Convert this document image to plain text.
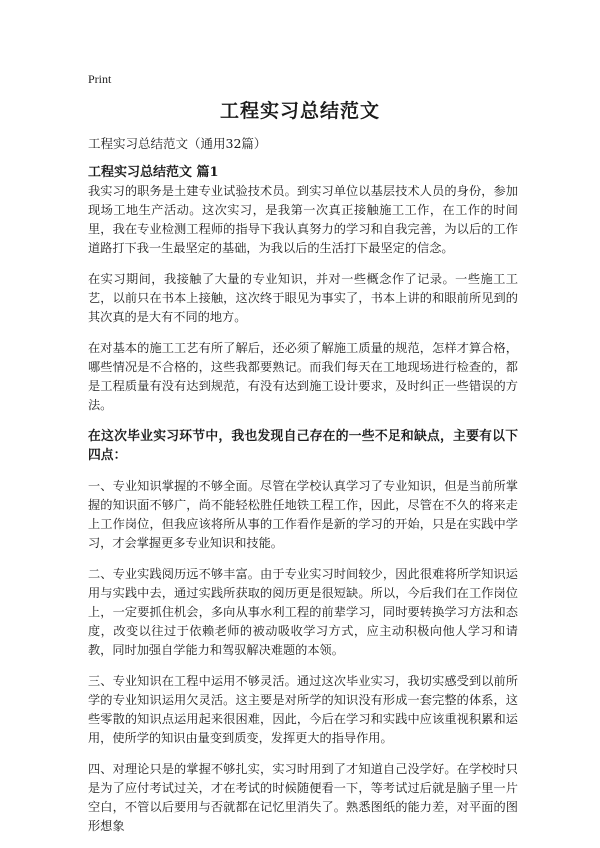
Print
工程实习总结范文
工程实习总结范文（通用32篇）
工程实习总结范文 篇1

我实习的职务是土建专业试验技术员。到实习单位以基层技术人员的身份，参加现场工地生产活动。这次实习，是我第一次真正接触施工工作，在工作的时间里，我在专业检测工程师的指导下我认真努力的学习和自我完善，为以后的工作道路打下我一生最坚定的基础，为我以后的生活打下最坚定的信念。

在实习期间，我接触了大量的专业知识，并对一些概念作了记录。一些施工工艺，以前只在书本上接触，这次终于眼见为事实了，书本上讲的和眼前所见到的其次真的是大有不同的地方。

在对基本的施工工艺有所了解后，还必须了解施工质量的规范，怎样才算合格，哪些情况是不合格的，这些我都要熟记。而我们每天在工地现场进行检查的，都是工程质量有没有达到规范，有没有达到施工设计要求，及时纠正一些错误的方法。

在这次毕业实习环节中，我也发现自己存在的一些不足和缺点，主要有以下四点：

一、专业知识掌握的不够全面。尽管在学校认真学习了专业知识，但是当前所掌握的知识面不够广，尚不能轻松胜任地铁工程工作，因此，尽管在不久的将来走上工作岗位，但我应该将所从事的工作看作是新的学习的开始，只是在实践中学习，才会掌握更多专业知识和技能。

二、专业实践阅历远不够丰富。由于专业实习时间较少，因此很难将所学知识运用与实践中去，通过实践所获取的阅历更是很短缺。所以，今后我们在工作岗位上，一定要抓住机会，多向从事水利工程的前辈学习，同时要转换学习方法和态度，改变以往过于依赖老师的被动吸收学习方式，应主动积极向他人学习和请教，同时加强自学能力和驾驭解决难题的本领。

三、专业知识在工程中运用不够灵活。通过这次毕业实习，我切实感受到以前所学的专业知识运用欠灵活。这主要是对所学的知识没有形成一套完整的体系，这些零散的知识点运用起来很困难，因此，今后在学习和实践中应该重视积累和运用，使所学的知识由量变到质变，发挥更大的指导作用。

四、对理论只是的掌握不够扎实，实习时用到了才知道自己没学好。在学校时只是为了应付考试过关，才在考试的时候随便看一下，等考试过后就是脑子里一片空白，不管以后要用与否就都在记忆里消失了。熟悉图纸的能力差，对平面的图形想象
